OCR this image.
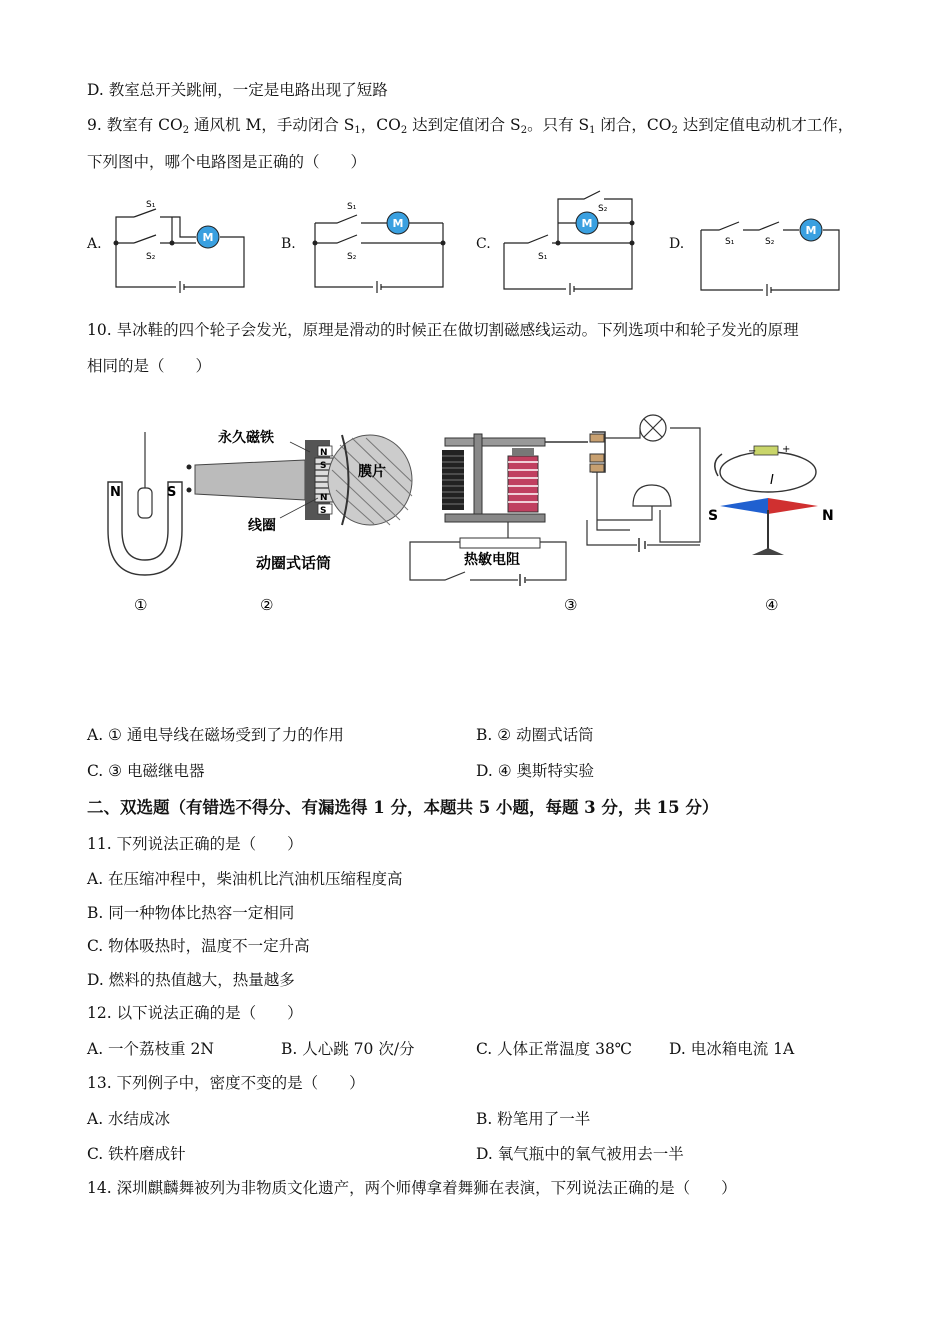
D. 教室总开关跳闸，一定是电路出现了短路
9. 教室有 $CO_2$ 通风机 M，手动闭合 $S_1$，$CO_2$ 达到定值闭合 $S_2$。只有 $S_1$ 闭合，$CO_2$ 达到定值电动机才工作，
下列图中，哪个电路图是正确的（　　）
A.	M
S₁
S₂
B.
M
S₁
S₂
C.
M
S₂
S₁
D.
M
S₁	S₂
10. 旱冰鞋的四个轮子会发光，原理是滑动的时候正在做切割磁感线运动。下列选项中和轮子发光的原理
相同的是（　　）
N	S
①
N
S
N
S
永久磁铁
膜片
线圈
动圈式话筒
②
热敏电阻
③
−	+
I
S	N
④
A. ① 通电导线在磁场受到了力的作用	B. ② 动圈式话筒
C. ③ 电磁继电器	D. ④ 奥斯特实验
二、双选题（有错选不得分、有漏选得 1 分，本题共 5 小题，每题 3 分，共 15 分）
11. 下列说法正确的是（　　）
A. 在压缩冲程中，柴油机比汽油机压缩程度高
B. 同一种物体比热容一定相同
C. 物体吸热时，温度不一定升高
D. 燃料的热值越大，热量越多
12. 以下说法正确的是（　　）
A. 一个荔枝重 2N	B. 人心跳 70 次/分	C. 人体正常温度 38℃ D. 电冰箱电流 1A
13. 下列例子中，密度不变的是（　　）
A. 水结成冰	B. 粉笔用了一半
C. 铁杵磨成针	D. 氧气瓶中的氧气被用去一半
14. 深圳麒麟舞被列为非物质文化遗产，两个师傅拿着舞狮在表演，下列说法正确的是（　　）
